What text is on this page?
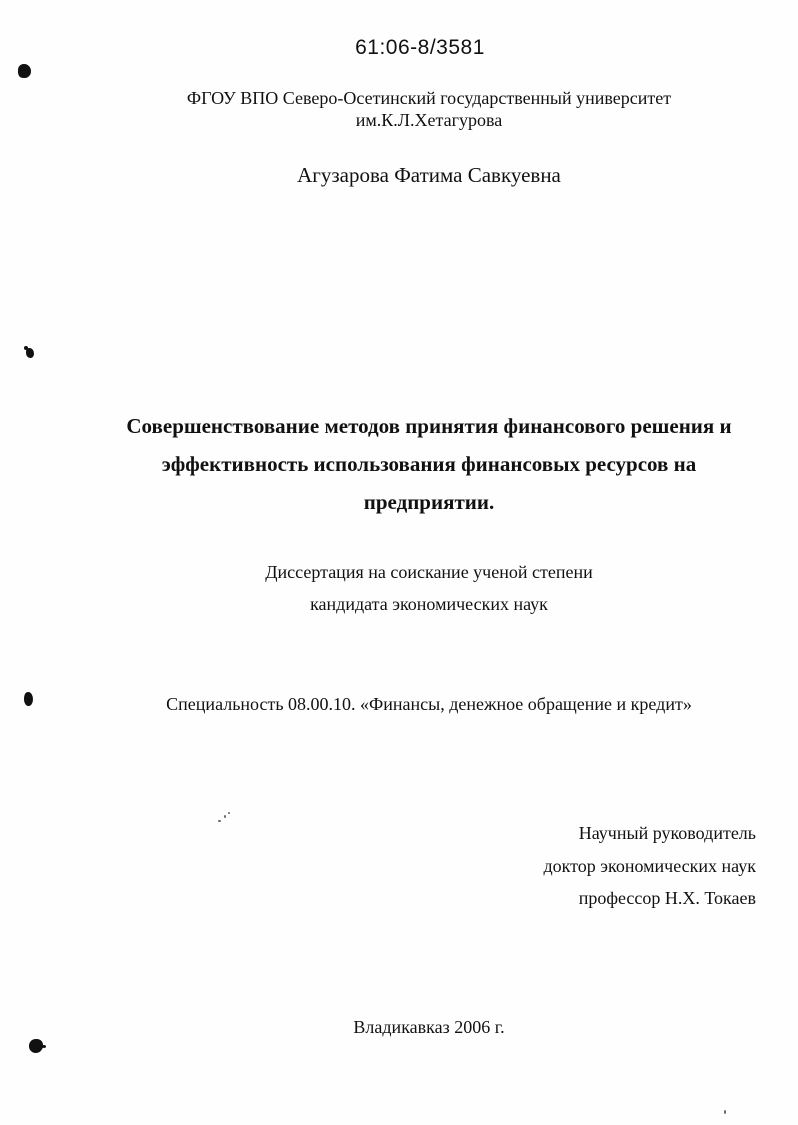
61:06-8/3581
ФГОУ ВПО Северо-Осетинский государственный университет
им.К.Л.Хетагурова
Агузарова Фатима Савкуевна
Совершенствование методов принятия финансового решения и
эффективность использования финансовых ресурсов на
предприятии.
Диссертация на соискание ученой степени
кандидата экономических наук
Специальность 08.00.10. «Финансы, денежное обращение и кредит»
Научный руководитель
доктор экономических наук
профессор Н.Х. Токаев
Владикавказ 2006 г.
